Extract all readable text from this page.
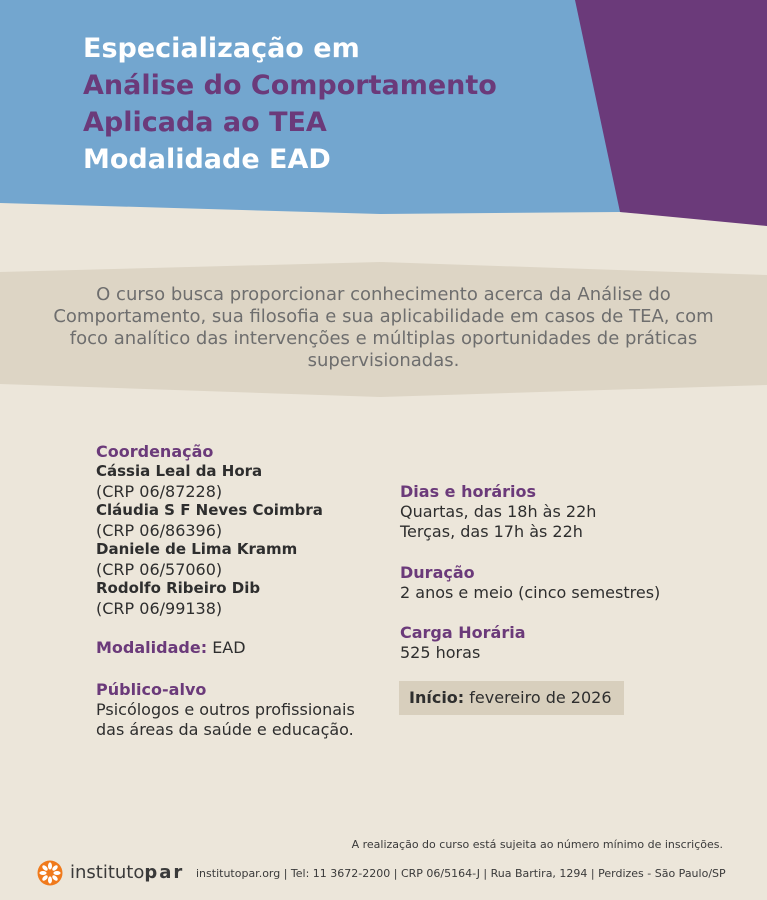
Especialização em
Análise do Comportamento
Aplicada ao TEA
Modalidade EAD
O curso busca proporcionar conhecimento acerca da Análise do Comportamento, sua filosofia e sua aplicabilidade em casos de TEA, com foco analítico das intervenções e múltiplas oportunidades de práticas supervisionadas.
Coordenação
Cássia Leal da Hora
(CRP 06/87228)
Cláudia S F Neves Coimbra
(CRP 06/86396)
Daniele de Lima Kramm
(CRP 06/57060)
Rodolfo Ribeiro Dib
(CRP 06/99138)
Modalidade: EAD
Público-alvo
Psicólogos e outros profissionais das áreas da saúde e educação.
Dias e horários
Quartas, das 18h às 22h
Terças, das 17h às 22h
Duração
2 anos e meio (cinco semestres)
Carga Horária
525 horas
Início: fevereiro de 2026
A realização do curso está sujeita ao número mínimo de inscrições.
institutopar institutopar.org | Tel: 11 3672-2200 | CRP 06/5164-J | Rua Bartira, 1294 | Perdizes - São Paulo/SP
